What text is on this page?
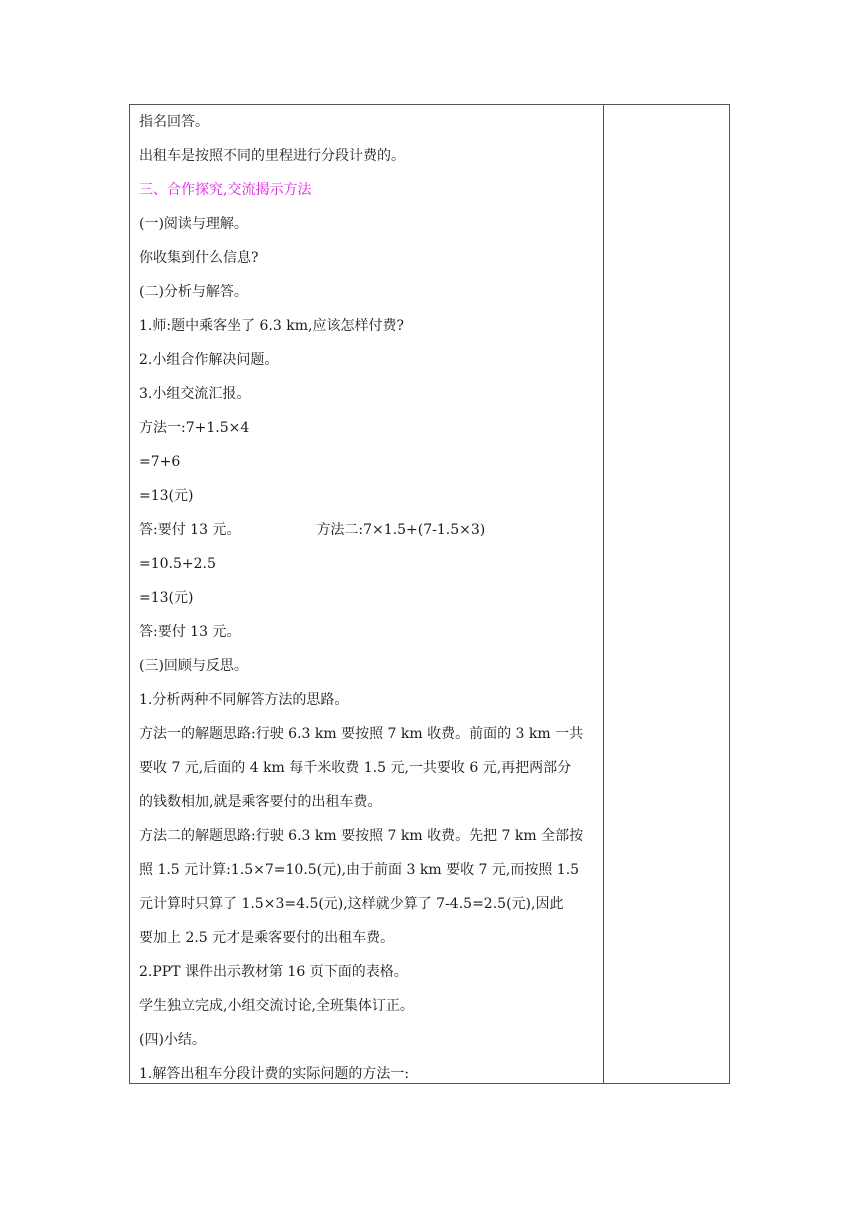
指名回答。
出租车是按照不同的里程进行分段计费的。
三、合作探究,交流揭示方法
(一)阅读与理解。
你收集到什么信息?
(二)分析与解答。
1.师:题中乘客坐了 6.3 km,应该怎样付费?
2.小组合作解决问题。
3.小组交流汇报。
方法一:7+1.5×4
=7+6
=13(元)
答:要付 13 元。	方法二:7×1.5+(7-1.5×3)
=10.5+2.5
=13(元)
答:要付 13 元。
(三)回顾与反思。
1.分析两种不同解答方法的思路。
方法一的解题思路:行驶 6.3 km 要按照 7 km 收费。前面的 3 km 一共
要收 7 元,后面的 4 km 每千米收费 1.5 元,一共要收 6 元,再把两部分
的钱数相加,就是乘客要付的出租车费。
方法二的解题思路:行驶 6.3 km 要按照 7 km 收费。先把 7 km 全部按
照 1.5 元计算:1.5×7=10.5(元),由于前面 3 km 要收 7 元,而按照 1.5
元计算时只算了 1.5×3=4.5(元),这样就少算了 7-4.5=2.5(元),因此
要加上 2.5 元才是乘客要付的出租车费。
2.PPT 课件出示教材第 16 页下面的表格。
学生独立完成,小组交流讨论,全班集体订正。
(四)小结。
1.解答出租车分段计费的实际问题的方法一:
